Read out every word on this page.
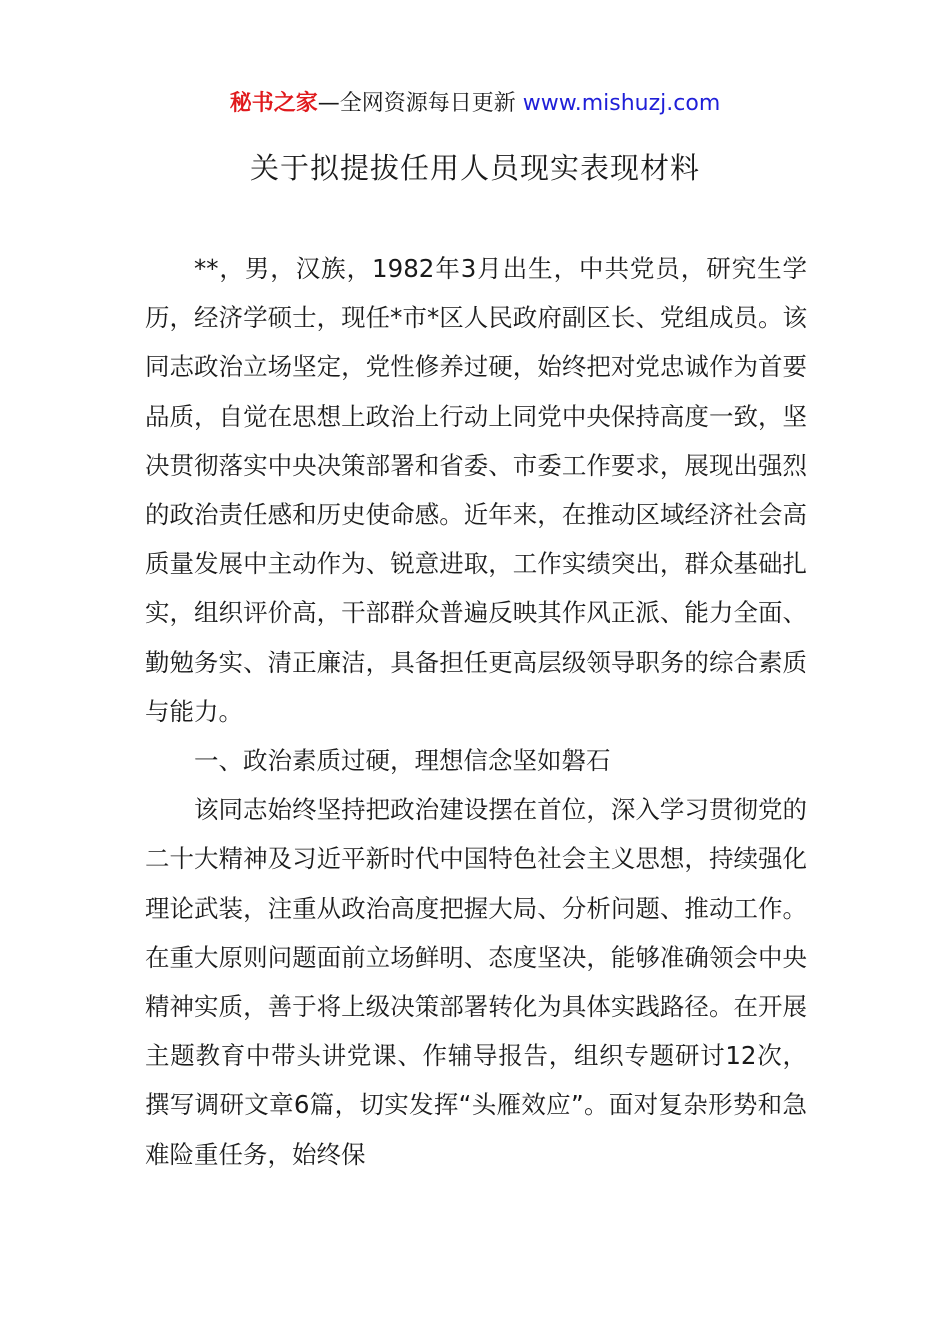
秘书之家—全网资源每日更新 www.mishuzj.com
关于拟提拔任用人员现实表现材料

**，男，汉族，1982年3月出生，中共党员，研究生学历，经济学硕士，现任*市*区人民政府副区长、党组成员。该同志政治立场坚定，党性修养过硬，始终把对党忠诚作为首要品质，自觉在思想上政治上行动上同党中央保持高度一致，坚决贯彻落实中央决策部署和省委、市委工作要求，展现出强烈的政治责任感和历史使命感。近年来，在推动区域经济社会高质量发展中主动作为、锐意进取，工作实绩突出，群众基础扎实，组织评价高，干部群众普遍反映其作风正派、能力全面、勤勉务实、清正廉洁，具备担任更高层级领导职务的综合素质与能力。

一、政治素质过硬，理想信念坚如磐石

该同志始终坚持把政治建设摆在首位，深入学习贯彻党的二十大精神及习近平新时代中国特色社会主义思想，持续强化理论武装，注重从政治高度把握大局、分析问题、推动工作。在重大原则问题面前立场鲜明、态度坚决，能够准确领会中央精神实质，善于将上级决策部署转化为具体实践路径。在开展主题教育中带头讲党课、作辅导报告，组织专题研讨12次，撰写调研文章6篇，切实发挥“头雁效应”。面对复杂形势和急难险重任务，始终保
